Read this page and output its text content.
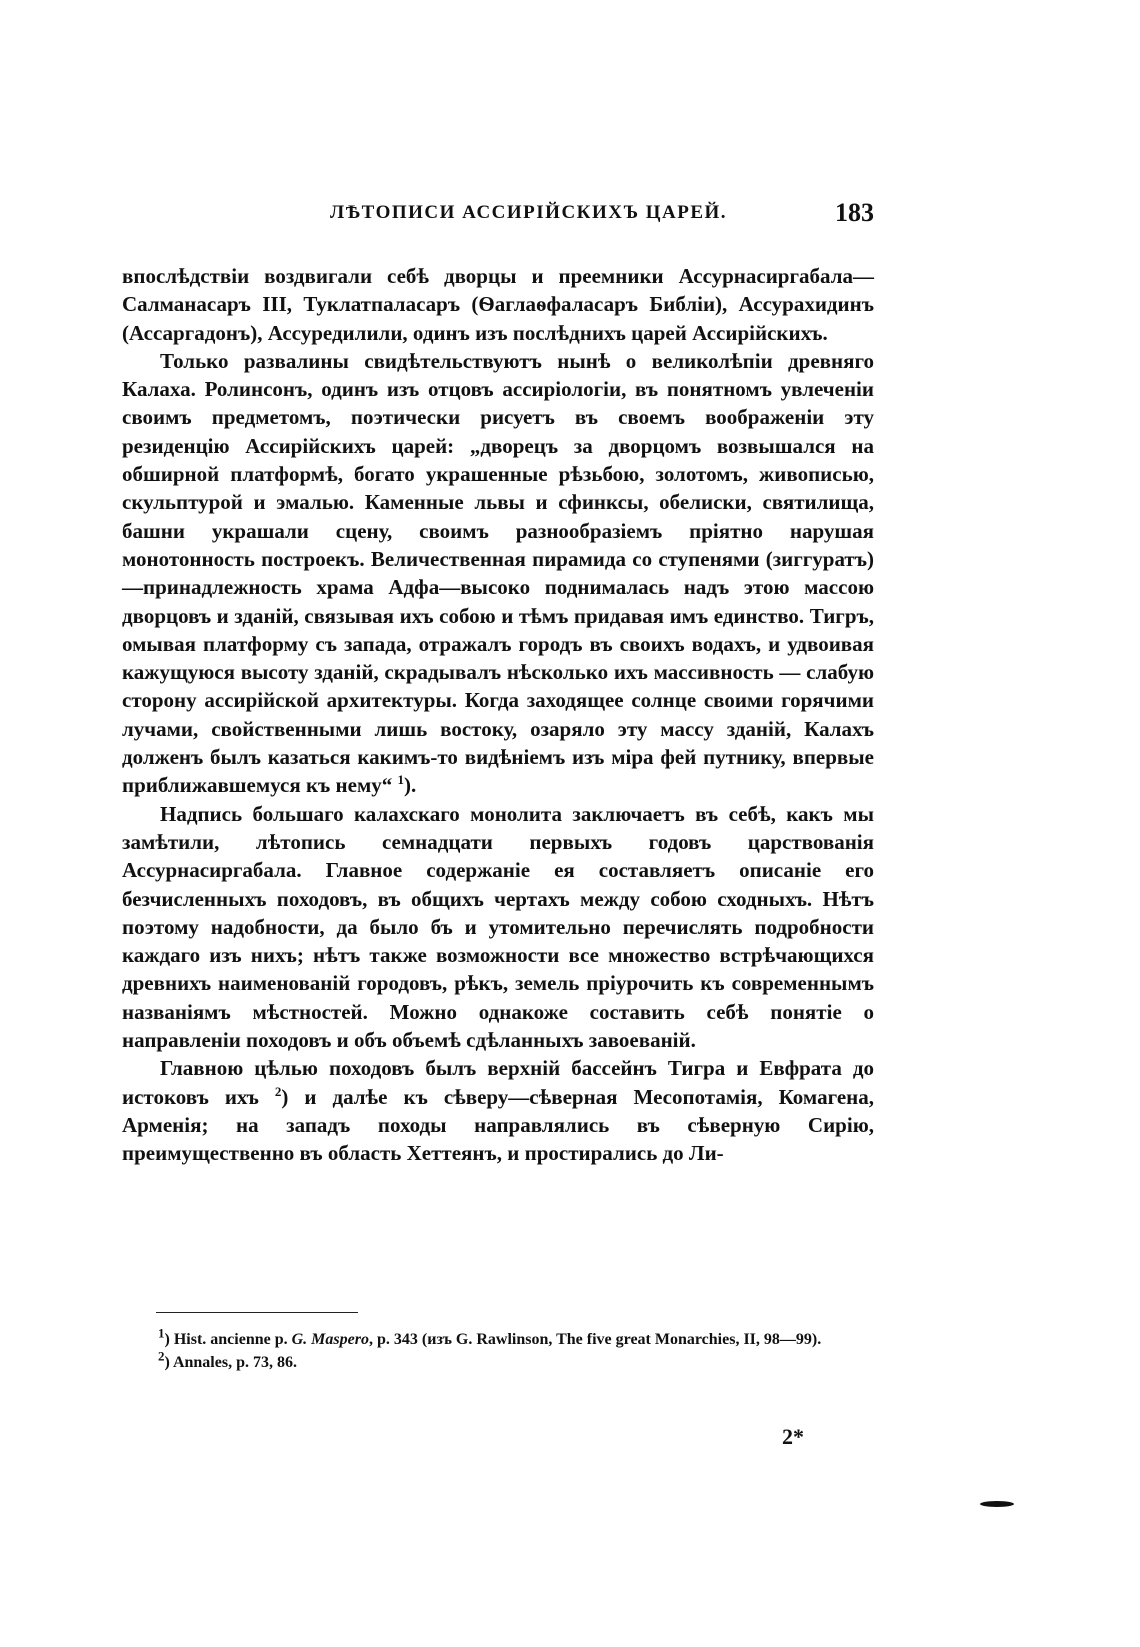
ЛѢТОПИСИ АССИРІЙСКИХЪ ЦАРЕЙ.	183

впослѣдствіи воздвигали себѣ дворцы и преемники Ассурнасиргабала—Салманасаръ III, Туклатпаласаръ (Ѳаглаѳфаласаръ Библіи), Ассурахидинъ (Ассаргадонъ), Ассуредилили, одинъ изъ послѣднихъ царей Ассирійскихъ.

Только развалины свидѣтельствуютъ нынѣ о великолѣпіи древняго Калаха. Ролинсонъ, одинъ изъ отцовъ ассиріологіи, въ понятномъ увлеченіи своимъ предметомъ, поэтически рисуетъ въ своемъ воображеніи эту резиденцію Ассирійскихъ царей: „дворецъ за дворцомъ возвышался на обширной платформѣ, богато украшенные рѣзьбою, золотомъ, живописью, скульптурой и эмалью. Каменные львы и сфинксы, обелиски, святилища, башни украшали сцену, своимъ разнообразіемъ пріятно нарушая монотонность построекъ. Величественная пирамида со ступенями (зиггуратъ)—принадлежность храма Адфа—высоко поднималась надъ этою массою дворцовъ и зданій, связывая ихъ собою и тѣмъ придавая имъ единство. Тигръ, омывая платформу съ запада, отражалъ городъ въ своихъ водахъ, и удвоивая кажущуюся высоту зданій, скрадывалъ нѣсколько ихъ массивность — слабую сторону ассирійской архитектуры. Когда заходящее солнце своими горячими лучами, свойственными лишь востоку, озаряло эту массу зданій, Калахъ долженъ былъ казаться какимъ-то видѣніемъ изъ міра фей путнику, впервые приближавшемуся къ нему“ $^1$).

Надпись большаго калахскаго монолита заключаетъ въ себѣ, какъ мы замѣтили, лѣтопись семнадцати первыхъ годовъ царствованія Ассурнасиргабала. Главное содержаніе ея составляетъ описаніе его безчисленныхъ походовъ, въ общихъ чертахъ между собою сходныхъ. Нѣтъ поэтому надобности, да было бъ и утомительно перечислять подробности каждаго изъ нихъ; нѣтъ также возможности все множество встрѣчающихся древнихъ наименованій городовъ, рѣкъ, земель пріурочить къ современнымъ названіямъ мѣстностей. Можно однакоже составить себѣ понятіе о направленіи походовъ и объ объемѣ сдѣланныхъ завоеваній.

Главною цѣлью походовъ былъ верхній бассейнъ Тигра и Евфрата до истоковъ ихъ $^2$) и далѣе къ сѣверу—сѣверная Месопотамія, Комагена, Арменія; на западъ походы направлялись въ сѣверную Сирію, преимущественно въ область Хеттеянъ, и простирались до Ли-

$^1$) Hist. ancienne p. G. Maspero, p. 343 (изъ G. Rawlinson, The five great Monarchies, II, 98—99).
$^2$) Annales, p. 73, 86.
2*
